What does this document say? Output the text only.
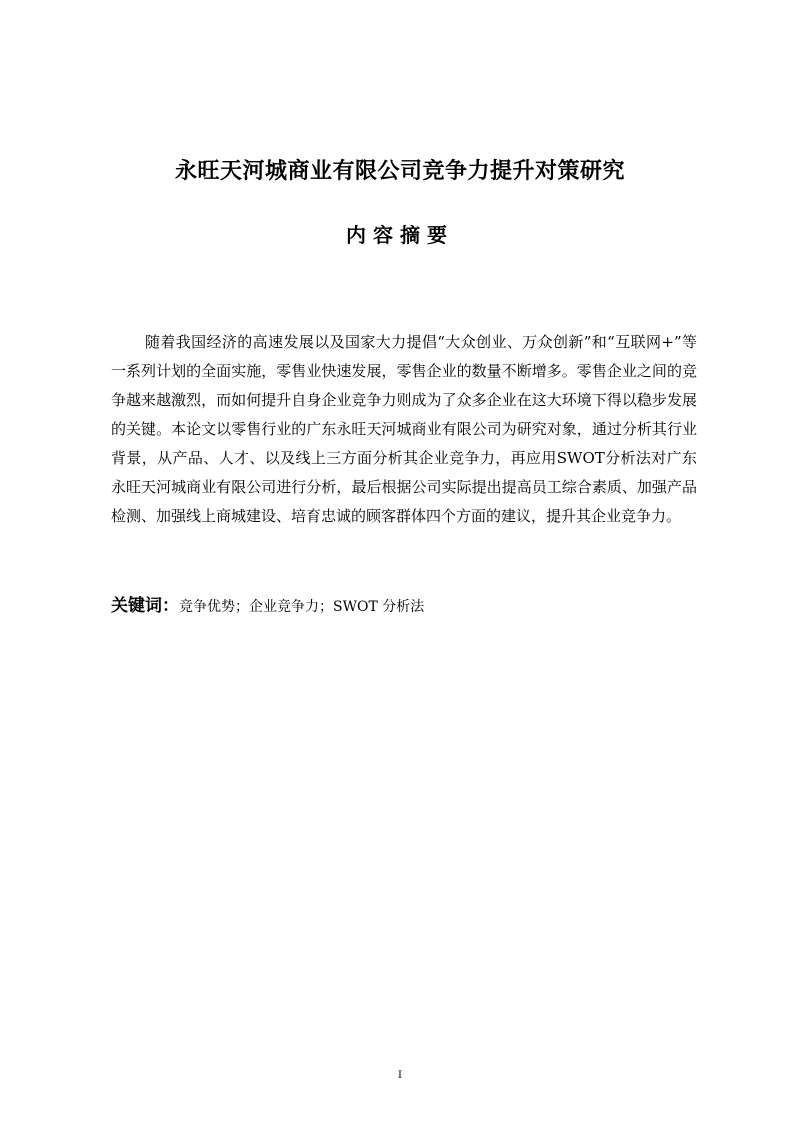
永旺天河城商业有限公司竞争力提升对策研究
内容摘要

随着我国经济的高速发展以及国家大力提倡“大众创业、万众创新”和“互联网+”等一系列计划的全面实施，零售业快速发展，零售企业的数量不断增多。零售企业之间的竞争越来越激烈，而如何提升自身企业竞争力则成为了众多企业在这大环境下得以稳步发展的关键。本论文以零售行业的广东永旺天河城商业有限公司为研究对象，通过分析其行业背景，从产品、人才、以及线上三方面分析其企业竞争力，再应用SWOT分析法对广东永旺天河城商业有限公司进行分析，最后根据公司实际提出提高员工综合素质、加强产品检测、加强线上商城建设、培育忠诚的顾客群体四个方面的建议，提升其企业竞争力。

关键词：竞争优势；企业竞争力；SWOT 分析法
I
